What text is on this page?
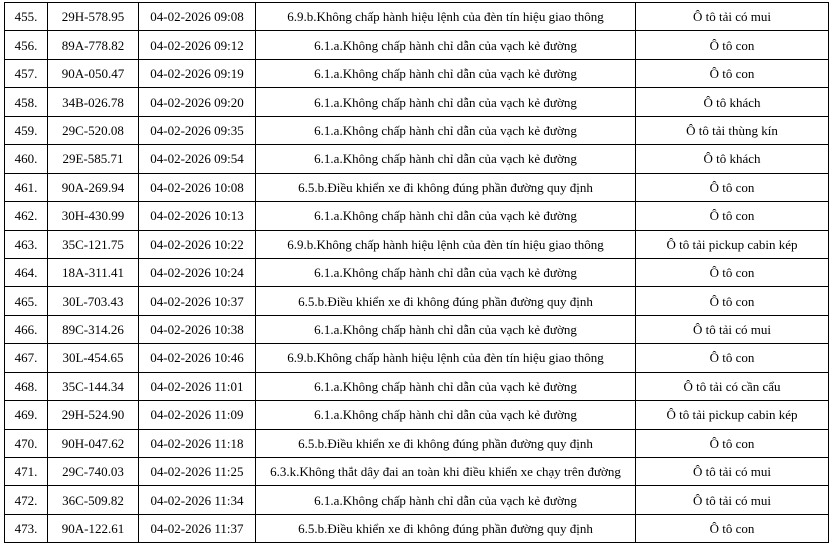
455.	29H-578.95	04-02-2026 09:08	6.9.b.Không chấp hành hiệu lệnh của đèn tín hiệu giao thông	Ô tô tải có mui
456.	89A-778.82	04-02-2026 09:12	6.1.a.Không chấp hành chỉ dẫn của vạch kẻ đường	Ô tô con
457.	90A-050.47	04-02-2026 09:19	6.1.a.Không chấp hành chỉ dẫn của vạch kẻ đường	Ô tô con
458.	34B-026.78	04-02-2026 09:20	6.1.a.Không chấp hành chỉ dẫn của vạch kẻ đường	Ô tô khách
459.	29C-520.08	04-02-2026 09:35	6.1.a.Không chấp hành chỉ dẫn của vạch kẻ đường	Ô tô tải thùng kín
460.	29E-585.71	04-02-2026 09:54	6.1.a.Không chấp hành chỉ dẫn của vạch kẻ đường	Ô tô khách
461.	90A-269.94	04-02-2026 10:08	6.5.b.Điều khiển xe đi không đúng phần đường quy định	Ô tô con
462.	30H-430.99	04-02-2026 10:13	6.1.a.Không chấp hành chỉ dẫn của vạch kẻ đường	Ô tô con
463.	35C-121.75	04-02-2026 10:22	6.9.b.Không chấp hành hiệu lệnh của đèn tín hiệu giao thông	Ô tô tải pickup cabin kép
464.	18A-311.41	04-02-2026 10:24	6.1.a.Không chấp hành chỉ dẫn của vạch kẻ đường	Ô tô con
465.	30L-703.43	04-02-2026 10:37	6.5.b.Điều khiển xe đi không đúng phần đường quy định	Ô tô con
466.	89C-314.26	04-02-2026 10:38	6.1.a.Không chấp hành chỉ dẫn của vạch kẻ đường	Ô tô tải có mui
467.	30L-454.65	04-02-2026 10:46	6.9.b.Không chấp hành hiệu lệnh của đèn tín hiệu giao thông	Ô tô con
468.	35C-144.34	04-02-2026 11:01	6.1.a.Không chấp hành chỉ dẫn của vạch kẻ đường	Ô tô tải có cần cẩu
469.	29H-524.90	04-02-2026 11:09	6.1.a.Không chấp hành chỉ dẫn của vạch kẻ đường	Ô tô tải pickup cabin kép
470.	90H-047.62	04-02-2026 11:18	6.5.b.Điều khiển xe đi không đúng phần đường quy định	Ô tô con
471.	29C-740.03	04-02-2026 11:25	6.3.k.Không thắt dây đai an toàn khi điều khiển xe chạy trên đường	Ô tô tải có mui
472.	36C-509.82	04-02-2026 11:34	6.1.a.Không chấp hành chỉ dẫn của vạch kẻ đường	Ô tô tải có mui
473.	90A-122.61	04-02-2026 11:37	6.5.b.Điều khiển xe đi không đúng phần đường quy định	Ô tô con
